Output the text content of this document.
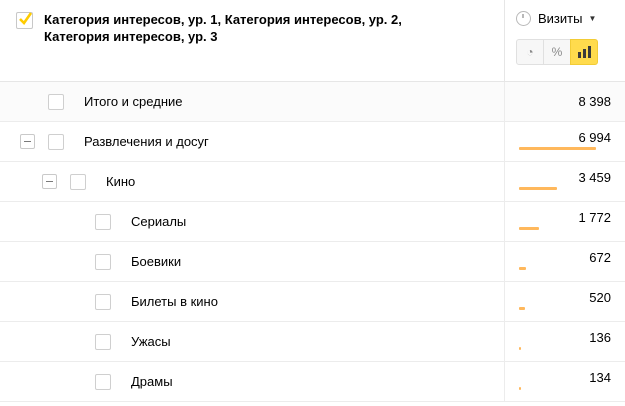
Категория интересов, ур. 1, Категория интересов, ур. 2, Категория интересов, ур. 3
Визиты ▼
◔ %
Итого и средние	8 398
Развлечения и досуг	6 994
Кино	3 459
Сериалы	1 772
Боевики	672
Билеты в кино	520
Ужасы	136
Драмы	134
